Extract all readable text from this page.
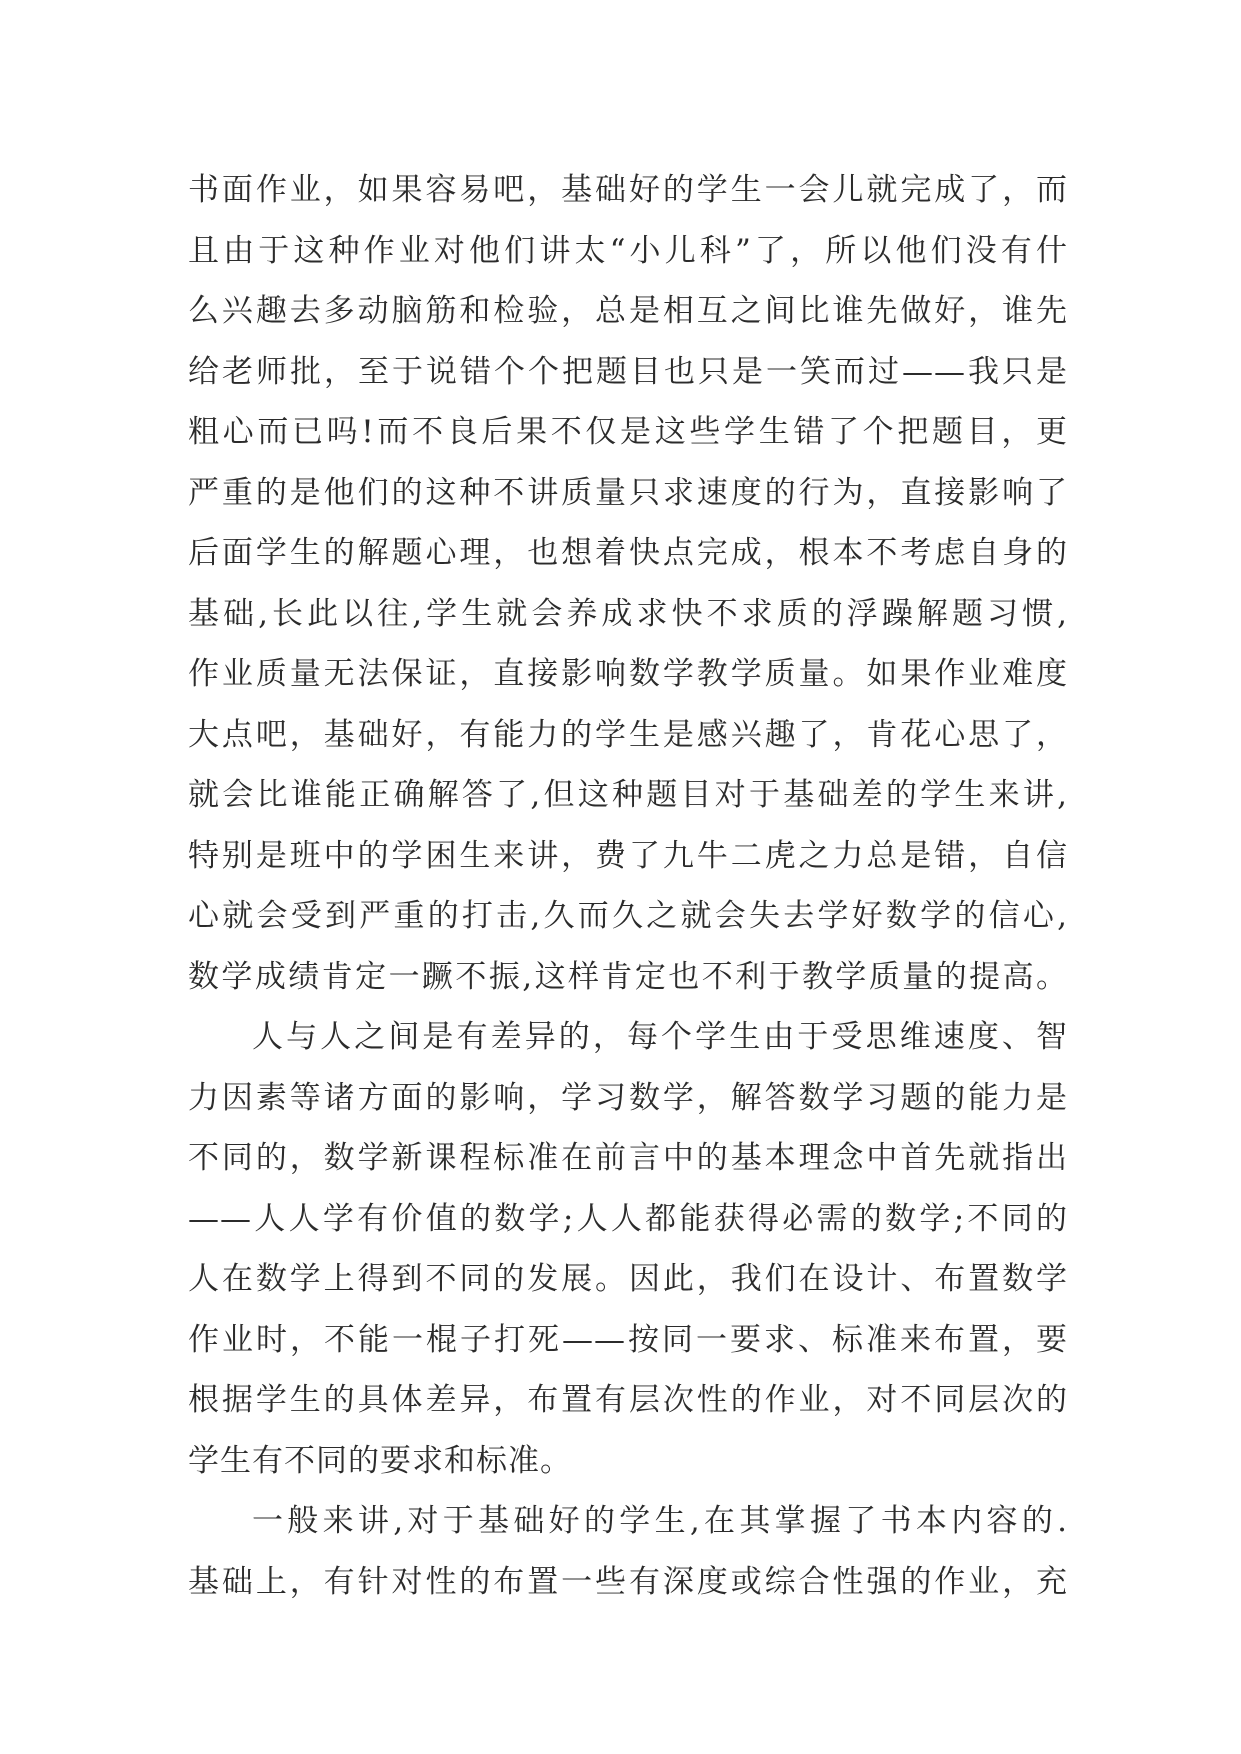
书面作业，如果容易吧，基础好的学生一会儿就完成了，而
且由于这种作业对他们讲太“小儿科”了，所以他们没有什
么兴趣去多动脑筋和检验，总是相互之间比谁先做好，谁先
给老师批，至于说错个个把题目也只是一笑而过——我只是
粗心而已吗!而不良后果不仅是这些学生错了个把题目，更
严重的是他们的这种不讲质量只求速度的行为，直接影响了
后面学生的解题心理，也想着快点完成，根本不考虑自身的
基础,长此以往,学生就会养成求快不求质的浮躁解题习惯,
作业质量无法保证，直接影响数学教学质量。如果作业难度
大点吧，基础好，有能力的学生是感兴趣了，肯花心思了，
就会比谁能正确解答了,但这种题目对于基础差的学生来讲,
特别是班中的学困生来讲，费了九牛二虎之力总是错，自信
心就会受到严重的打击,久而久之就会失去学好数学的信心,
数学成绩肯定一蹶不振,这样肯定也不利于教学质量的提高。
人与人之间是有差异的，每个学生由于受思维速度、智
力因素等诸方面的影响，学习数学，解答数学习题的能力是
不同的，数学新课程标准在前言中的基本理念中首先就指出
——人人学有价值的数学;人人都能获得必需的数学;不同的
人在数学上得到不同的发展。因此，我们在设计、布置数学
作业时，不能一棍子打死——按同一要求、标准来布置，要
根据学生的具体差异，布置有层次性的作业，对不同层次的
学生有不同的要求和标准。
一般来讲,对于基础好的学生,在其掌握了书本内容的.
基础上，有针对性的布置一些有深度或综合性强的作业，充
